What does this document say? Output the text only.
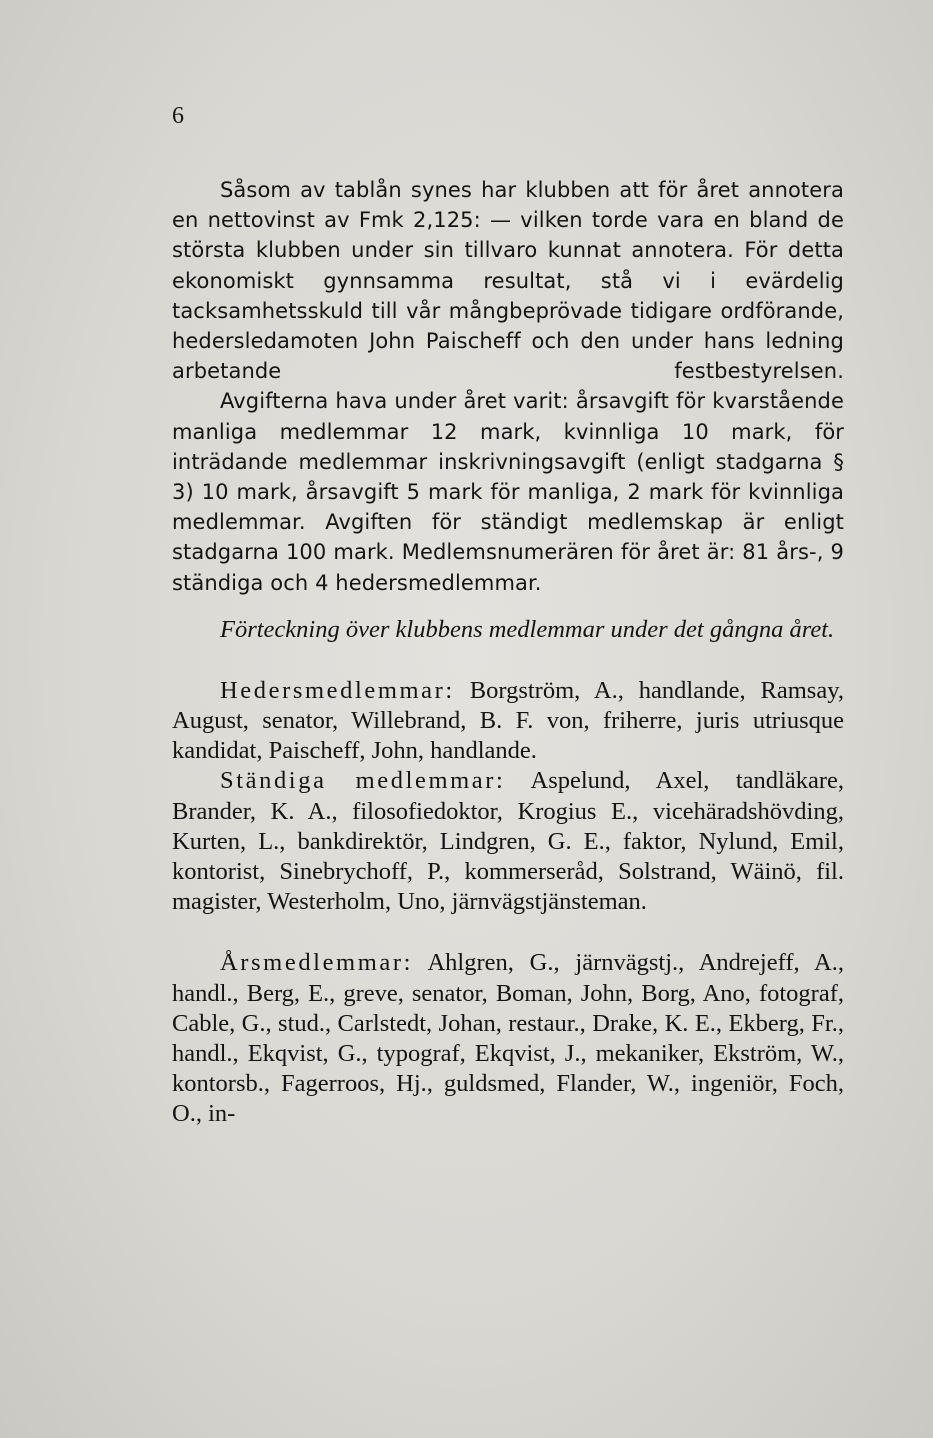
6

Såsom av tablån synes har klubben att för året annotera en nettovinst av Fmk 2,125: — vilken torde vara en bland de största klubben under sin tillvaro kunnat annotera. För detta ekonomiskt gynnsamma resultat, stå vi i evärdelig tacksamhetsskuld till vår mångbeprövade tidigare ordförande, hedersledamoten John Paischeff och den under hans ledning arbetande festbestyrelsen.

Avgifterna hava under året varit: årsavgift för kvarstående manliga medlemmar 12 mark, kvinnliga 10 mark, för inträdande medlemmar inskrivningsavgift (enligt stadgarna § 3) 10 mark, årsavgift 5 mark för manliga, 2 mark för kvinnliga medlemmar. Avgiften för ständigt medlemskap är enligt stadgarna 100 mark. Medlemsnumerären för året är: 81 års-, 9 ständiga och 4 hedersmedlemmar.

Förteckning över klubbens medlemmar under det gångna året.

Hedersmedlemmar: Borgström, A., handlande, Ramsay, August, senator, Willebrand, B. F. von, friherre, juris utriusque kandidat, Paischeff, John, handlande.

Ständiga medlemmar: Aspelund, Axel, tandläkare, Brander, K. A., filosofiedoktor, Krogius E., vicehäradshövding, Kurten, L., bankdirektör, Lindgren, G. E., faktor, Nylund, Emil, kontorist, Sinebrychoff, P., kommerseråd, Solstrand, Wäinö, fil. magister, Westerholm, Uno, järnvägstjänsteman.

Årsmedlemmar: Ahlgren, G., järnvägstj., Andrejeff, A., handl., Berg, E., greve, senator, Boman, John, Borg, Ano, fotograf, Cable, G., stud., Carlstedt, Johan, restaur., Drake, K. E., Ekberg, Fr., handl., Ekqvist, G., typograf, Ekqvist, J., mekaniker, Ekström, W., kontorsb., Fagerroos, Hj., guldsmed, Flander, W., ingeniör, Foch, O., in-
